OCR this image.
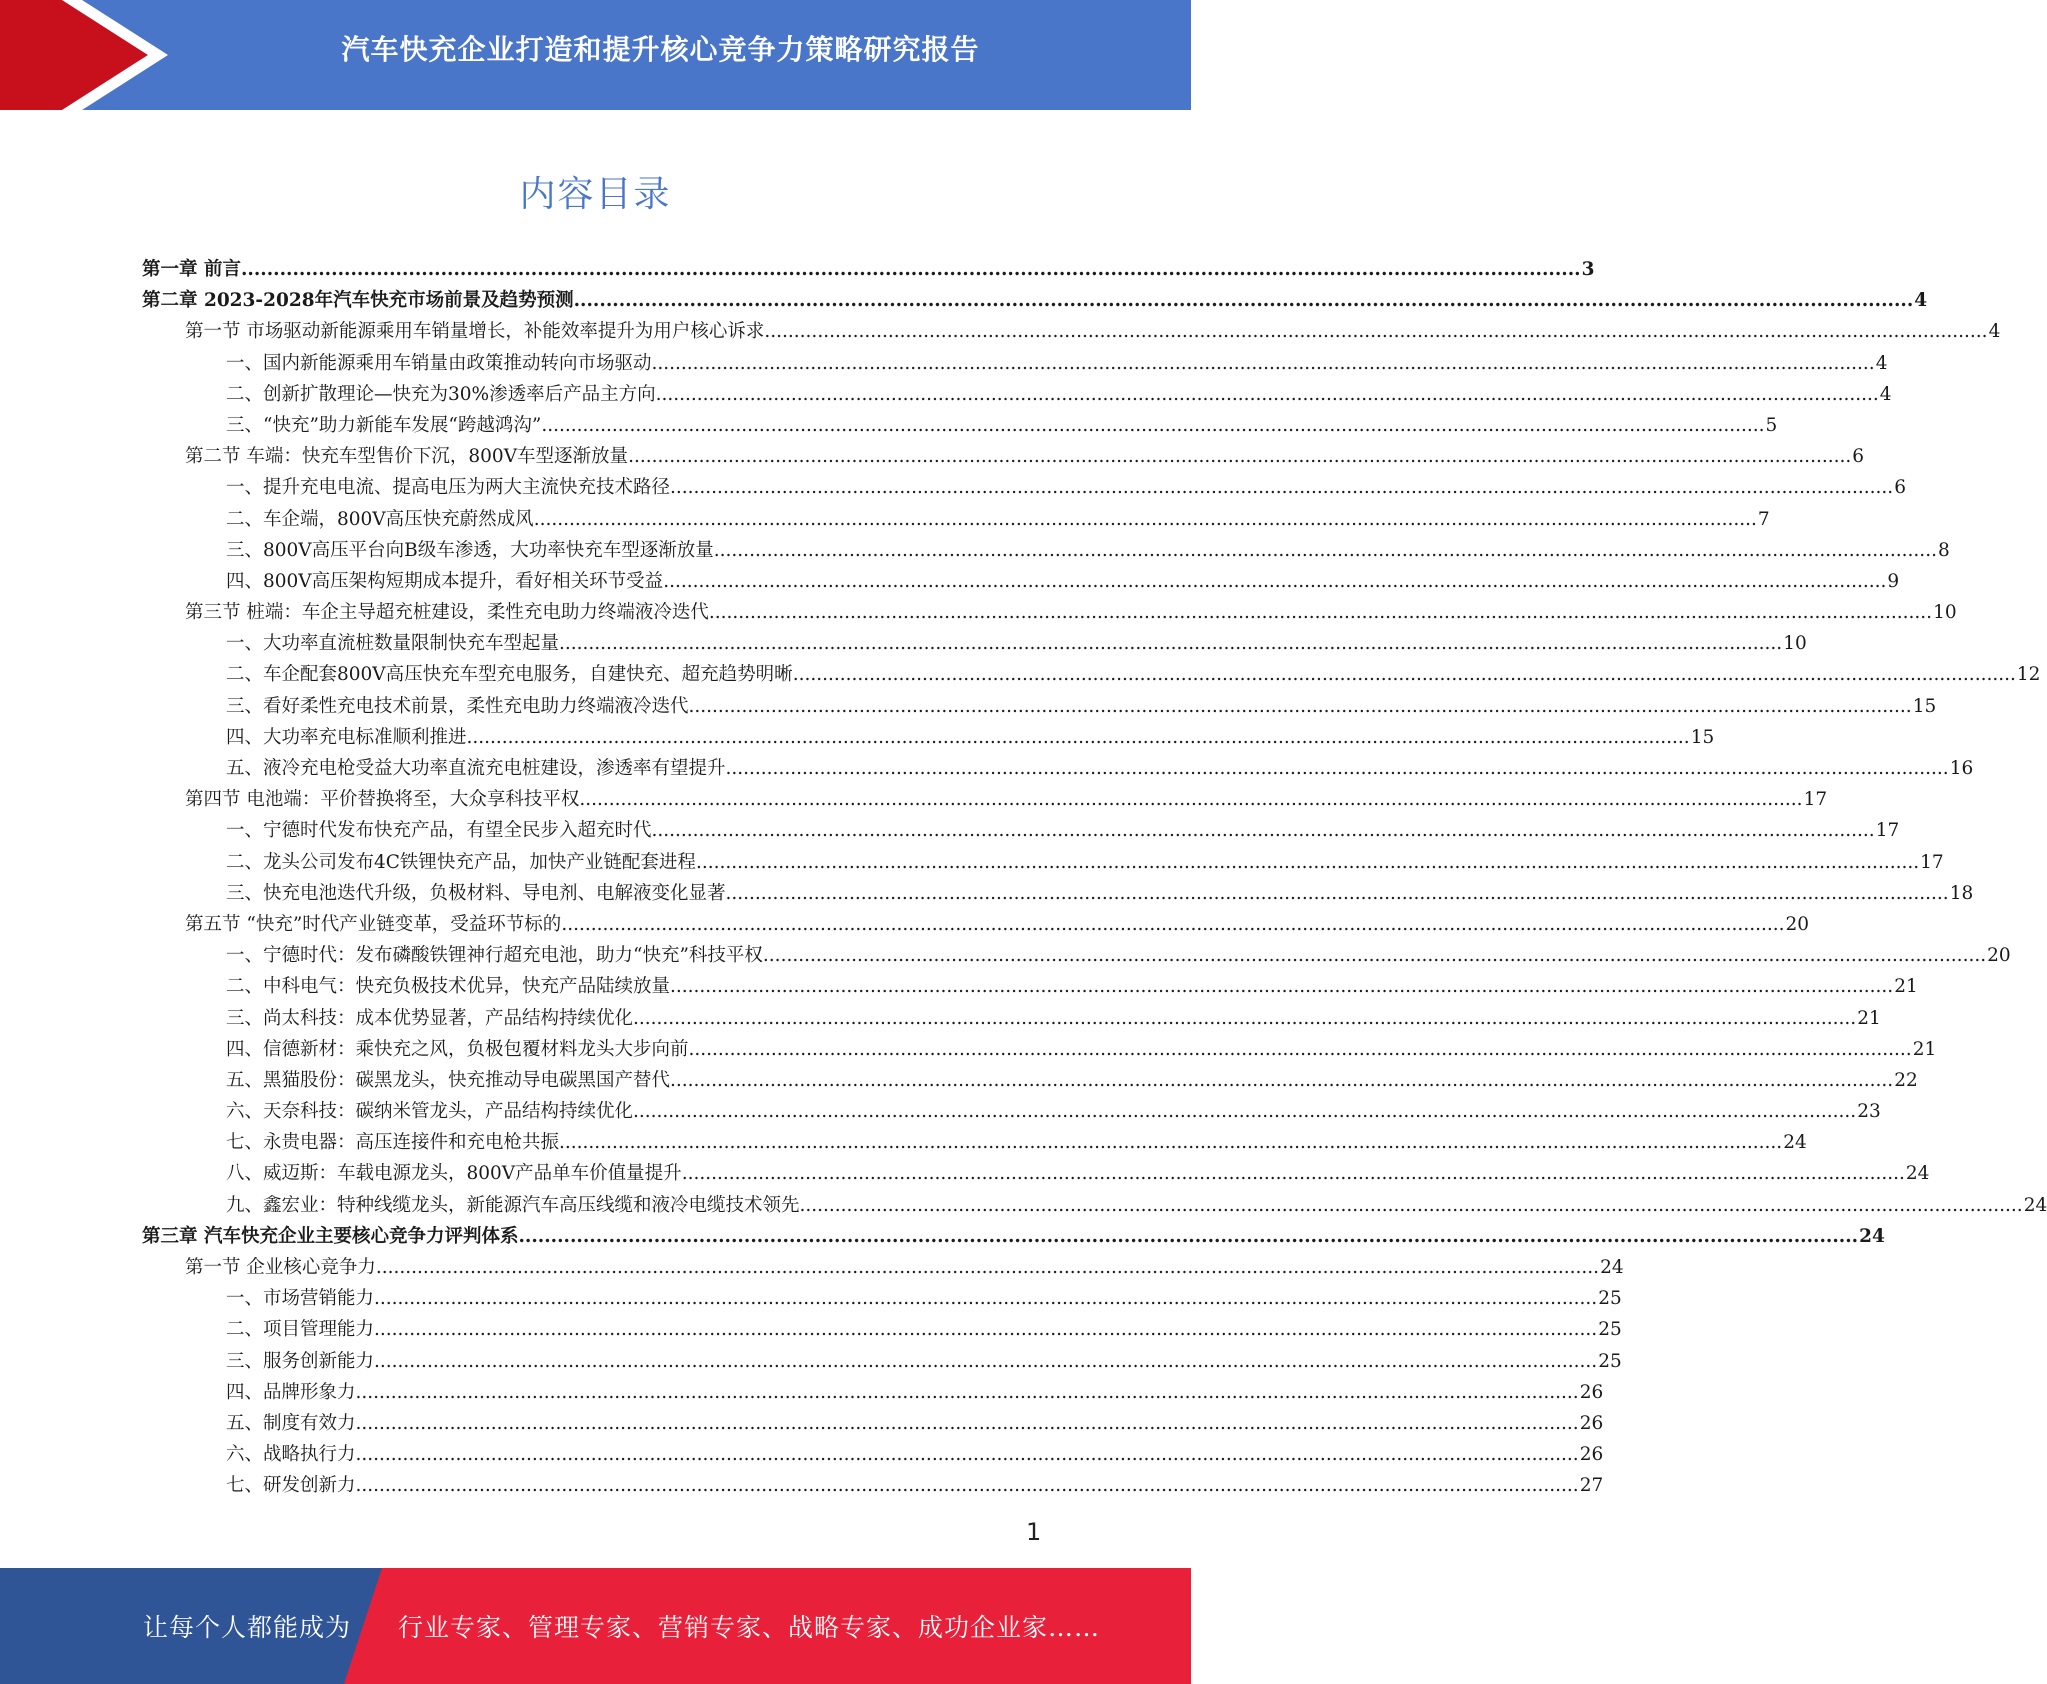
汽车快充企业打造和提升核心竞争力策略研究报告
内容目录
第一章 前言 .....	3
第二章 2023-2028年汽车快充市场前景及趋势预测 .....	4
第一节 市场驱动新能源乘用车销量增长，补能效率提升为用户核心诉求 .....	4
一、国内新能源乘用车销量由政策推动转向市场驱动 .....	4
二、创新扩散理论—快充为30%渗透率后产品主方向 .....	4
三、“快充”助力新能车发展“跨越鸿沟” .....	5
第二节 车端：快充车型售价下沉，800V车型逐渐放量 .....	6
一、提升充电电流、提高电压为两大主流快充技术路径 .....	6
二、车企端，800V高压快充蔚然成风 .....	7
三、800V高压平台向B级车渗透，大功率快充车型逐渐放量 .....	8
四、800V高压架构短期成本提升，看好相关环节受益 .....	9
第三节 桩端：车企主导超充桩建设，柔性充电助力终端液冷迭代 .....	10
一、大功率直流桩数量限制快充车型起量 .....	10
二、车企配套800V高压快充车型充电服务，自建快充、超充趋势明晰 .....	12
三、看好柔性充电技术前景，柔性充电助力终端液冷迭代 .....	15
四、大功率充电标准顺利推进 .....	15
五、液冷充电枪受益大功率直流充电桩建设，渗透率有望提升 .....	16
第四节 电池端：平价替换将至，大众享科技平权 .....	17
一、宁德时代发布快充产品，有望全民步入超充时代 .....	17
二、龙头公司发布4C铁锂快充产品，加快产业链配套进程 .....	17
三、快充电池迭代升级，负极材料、导电剂、电解液变化显著 .....	18
第五节 “快充”时代产业链变革，受益环节标的 .....	20
一、宁德时代：发布磷酸铁锂神行超充电池，助力“快充”科技平权 .....	20
二、中科电气：快充负极技术优异，快充产品陆续放量 .....	21
三、尚太科技：成本优势显著，产品结构持续优化 .....	21
四、信德新材：乘快充之风，负极包覆材料龙头大步向前 .....	21
五、黑猫股份：碳黑龙头，快充推动导电碳黑国产替代 .....	22
六、天奈科技：碳纳米管龙头，产品结构持续优化 .....	23
七、永贵电器：高压连接件和充电枪共振 .....	24
八、威迈斯：车载电源龙头，800V产品单车价值量提升 .....	24
九、鑫宏业：特种线缆龙头，新能源汽车高压线缆和液冷电缆技术领先 .....	24
第三章 汽车快充企业主要核心竞争力评判体系 .....	24
第一节 企业核心竞争力 .....	24
一、市场营销能力 .....	25
二、项目管理能力 .....	25
三、服务创新能力 .....	25
四、品牌形象力 .....	26
五、制度有效力 .....	26
六、战略执行力 .....	26
七、研发创新力 .....	27
1
让每个人都能成为 行业专家、管理专家、营销专家、战略专家、成功企业家……
